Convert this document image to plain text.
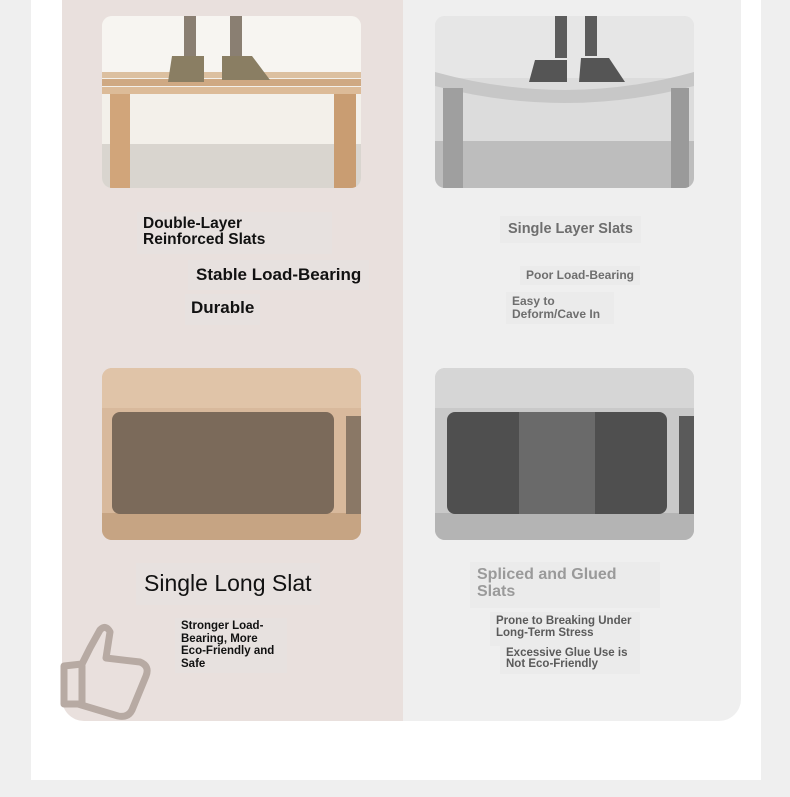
Double-Layer Reinforced Slats
Stable Load-Bearing
Durable
Single Long Slat
Stronger Load-Bearing, More Eco-Friendly and Safe
Single Layer Slats
Poor Load-Bearing
Easy to Deform/Cave In
Spliced and Glued Slats
Prone to Breaking Under Long-Term Stress
Excessive Glue Use is Not Eco-Friendly
